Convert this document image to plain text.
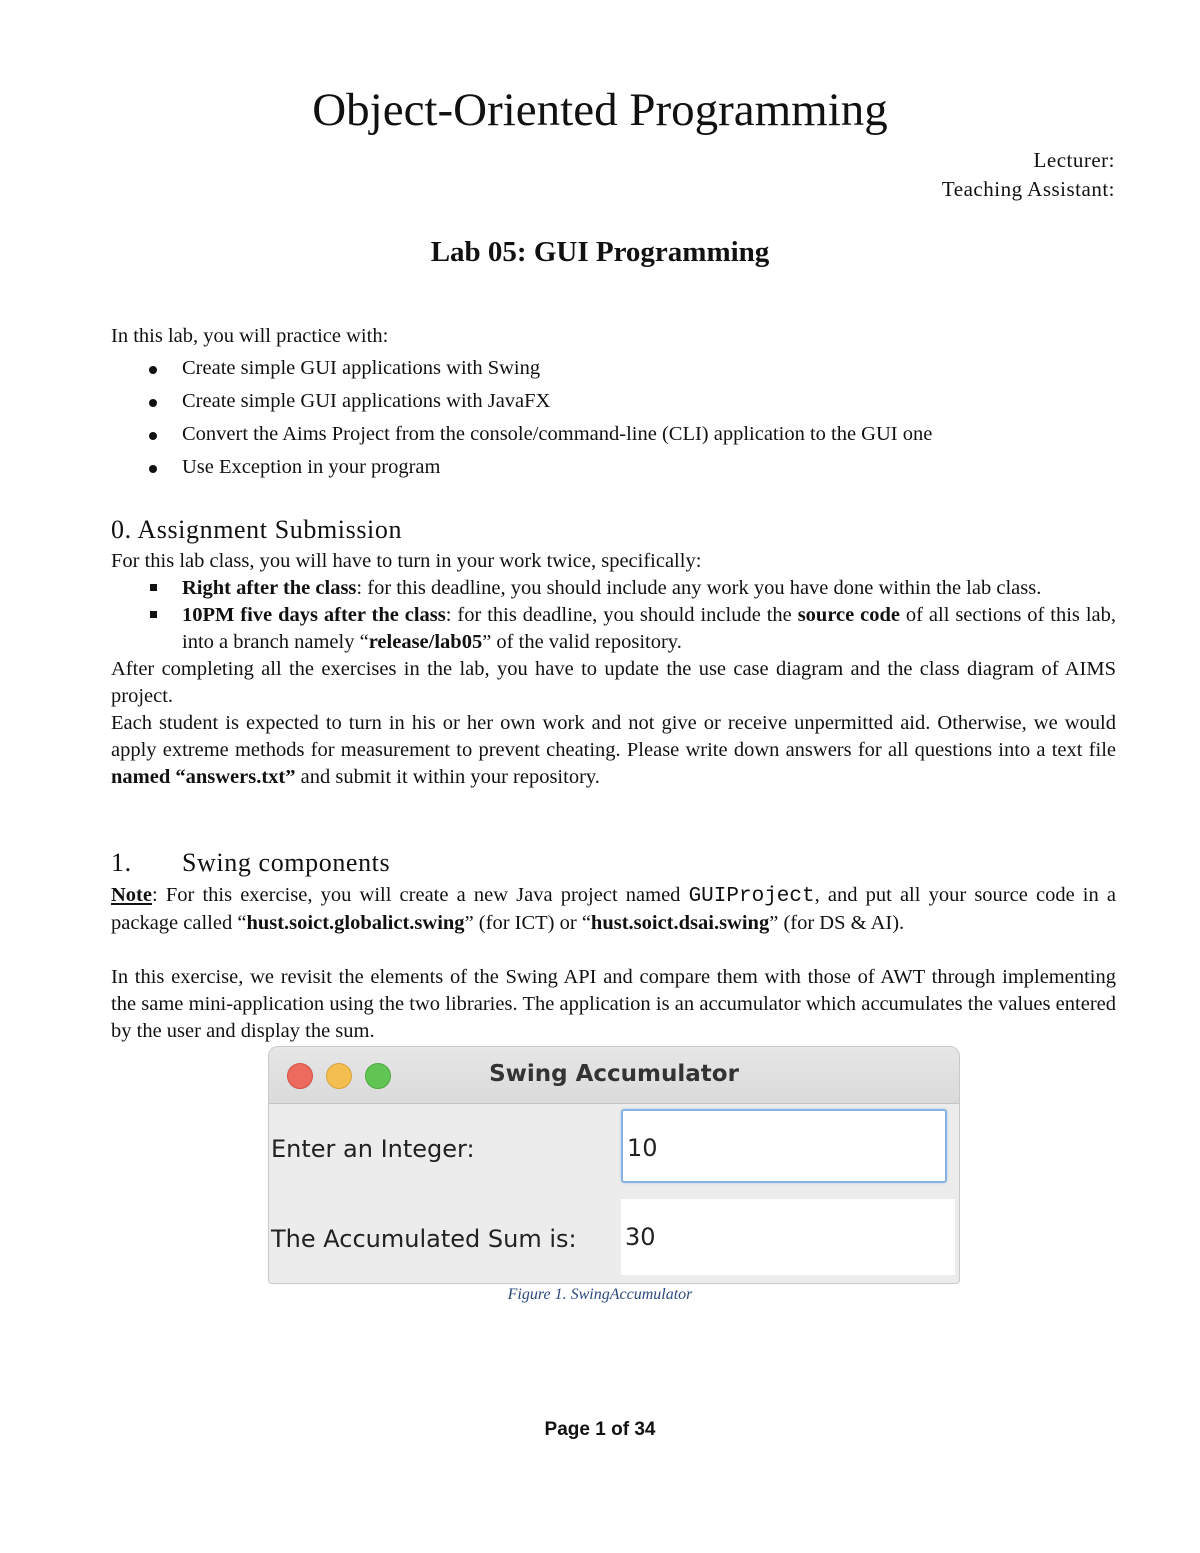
Object-Oriented Programming
Lecturer:
Teaching Assistant:
Lab 05: GUI Programming
In this lab, you will practice with:
Create simple GUI applications with Swing
Create simple GUI applications with JavaFX
Convert the Aims Project from the console/command-line (CLI) application to the GUI one
Use Exception in your program
0. Assignment Submission
For this lab class, you will have to turn in your work twice, specifically:
Right after the class: for this deadline, you should include any work you have done within the lab class.
10PM five days after the class: for this deadline, you should include the source code of all sections of this lab, into a branch namely “release/lab05” of the valid repository.
After completing all the exercises in the lab, you have to update the use case diagram and the class diagram of AIMS project.
Each student is expected to turn in his or her own work and not give or receive unpermitted aid. Otherwise, we would apply extreme methods for measurement to prevent cheating. Please write down answers for all questions into a text file named “answers.txt” and submit it within your repository.
1. Swing components

Note: For this exercise, you will create a new Java project named GUIProject, and put all your source code in a package called “hust.soict.globalict.swing” (for ICT) or “hust.soict.dsai.swing” (for DS & AI).

In this exercise, we revisit the elements of the Swing API and compare them with those of AWT through implementing the same mini-application using the two libraries. The application is an accumulator which accumulates the values entered by the user and display the sum.

Swing Accumulator
Enter an Integer:	10
The Accumulated Sum is: 30
Figure 1. SwingAccumulator
Page 1 of 34
